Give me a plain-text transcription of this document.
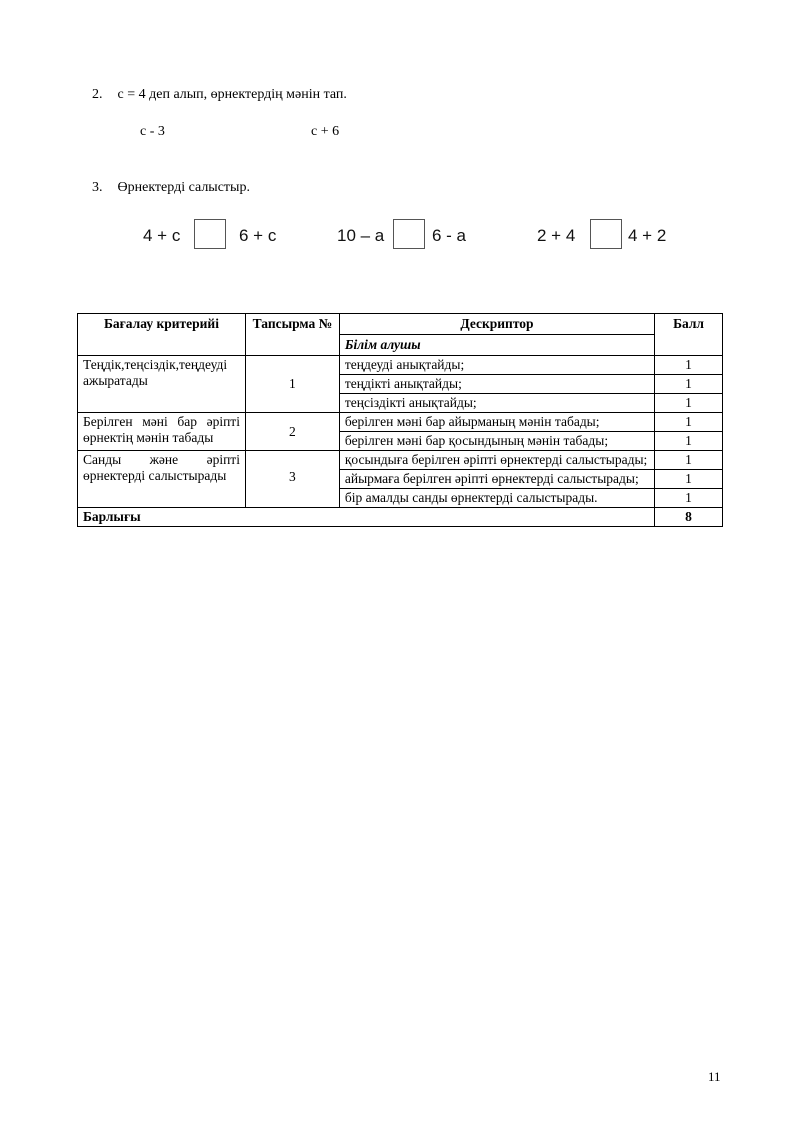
2. c = 4 деп алып, өрнектердің мәнін тап.
c - 3	c + 6
3. Өрнектерді салыстыр.
4 + c	6 + c	10 – a	6 - a	2 + 4	4 + 2
Бағалау критерийі	Тапсырма №	Дескриптор	Балл
		Білім алушы	
Теңдік,теңсіздік,теңдеуді ажыратады	1	теңдеуді анықтайды;	1
		теңдікті анықтайды;	1
		теңсіздікті анықтайды;	1
Берілген мәні бар әріпті өрнектің мәнін табады	2	берілген мәні бар айырманың мәнін табады;	1
		берілген мәні бар қосындының мәнін табады;	1
Санды және әріпті өрнектерді салыстырады	3	қосындыға берілген әріпті өрнектерді салыстырады;	1
		айырмаға берілген әріпті өрнектерді салыстырады;	1
		бір амалды санды өрнектерді салыстырады.	1
Барлығы			8
11
